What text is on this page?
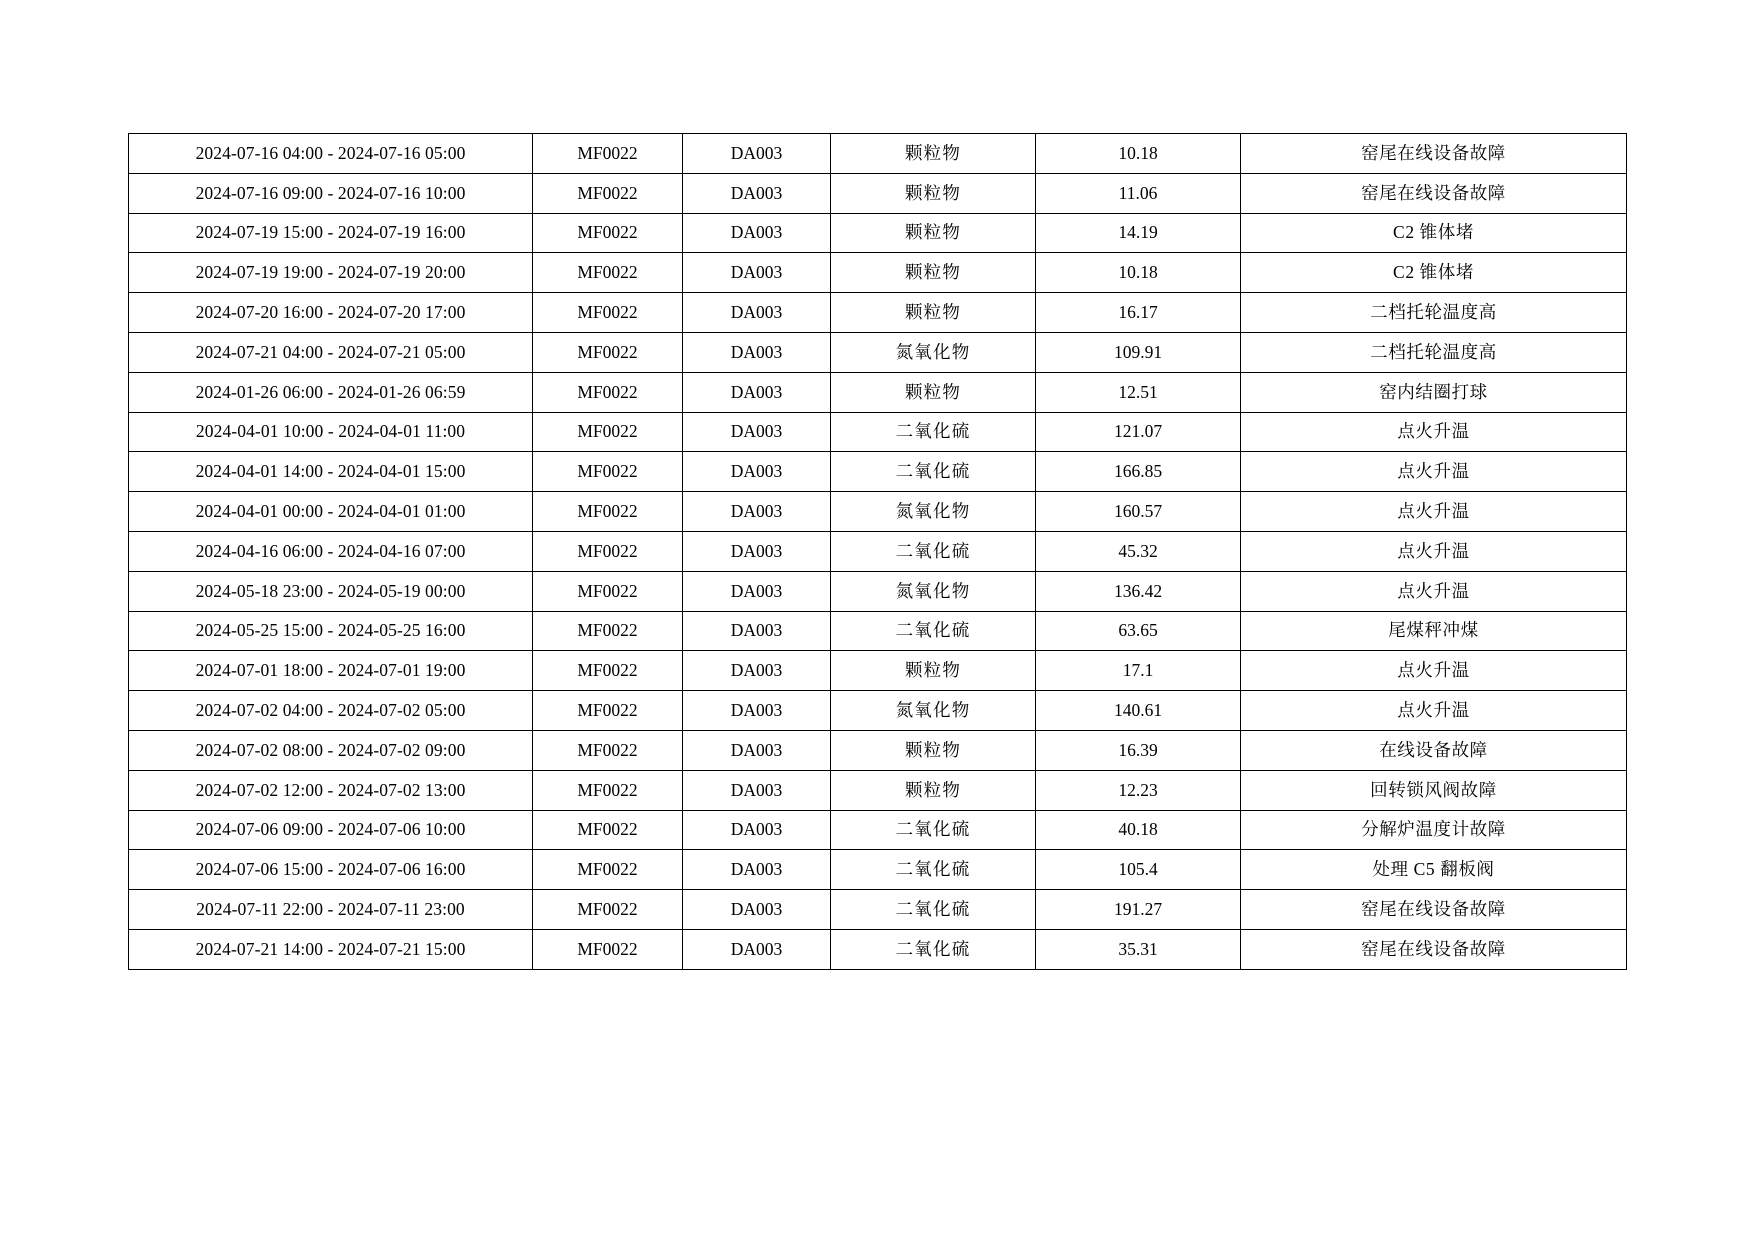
2024-07-16 04:00 - 2024-07-16 05:00	MF0022	DA003	颗粒物	10.18	窑尾在线设备故障
2024-07-16 09:00 - 2024-07-16 10:00	MF0022	DA003	颗粒物	11.06	窑尾在线设备故障
2024-07-19 15:00 - 2024-07-19 16:00	MF0022	DA003	颗粒物	14.19	C2 锥体堵
2024-07-19 19:00 - 2024-07-19 20:00	MF0022	DA003	颗粒物	10.18	C2 锥体堵
2024-07-20 16:00 - 2024-07-20 17:00	MF0022	DA003	颗粒物	16.17	二档托轮温度高
2024-07-21 04:00 - 2024-07-21 05:00	MF0022	DA003	氮氧化物	109.91	二档托轮温度高
2024-01-26 06:00 - 2024-01-26 06:59	MF0022	DA003	颗粒物	12.51	窑内结圈打球
2024-04-01 10:00 - 2024-04-01 11:00	MF0022	DA003	二氧化硫	121.07	点火升温
2024-04-01 14:00 - 2024-04-01 15:00	MF0022	DA003	二氧化硫	166.85	点火升温
2024-04-01 00:00 - 2024-04-01 01:00	MF0022	DA003	氮氧化物	160.57	点火升温
2024-04-16 06:00 - 2024-04-16 07:00	MF0022	DA003	二氧化硫	45.32	点火升温
2024-05-18 23:00 - 2024-05-19 00:00	MF0022	DA003	氮氧化物	136.42	点火升温
2024-05-25 15:00 - 2024-05-25 16:00	MF0022	DA003	二氧化硫	63.65	尾煤秤冲煤
2024-07-01 18:00 - 2024-07-01 19:00	MF0022	DA003	颗粒物	17.1	点火升温
2024-07-02 04:00 - 2024-07-02 05:00	MF0022	DA003	氮氧化物	140.61	点火升温
2024-07-02 08:00 - 2024-07-02 09:00	MF0022	DA003	颗粒物	16.39	在线设备故障
2024-07-02 12:00 - 2024-07-02 13:00	MF0022	DA003	颗粒物	12.23	回转锁风阀故障
2024-07-06 09:00 - 2024-07-06 10:00	MF0022	DA003	二氧化硫	40.18	分解炉温度计故障
2024-07-06 15:00 - 2024-07-06 16:00	MF0022	DA003	二氧化硫	105.4	处理 C5 翻板阀
2024-07-11 22:00 - 2024-07-11 23:00	MF0022	DA003	二氧化硫	191.27	窑尾在线设备故障
2024-07-21 14:00 - 2024-07-21 15:00	MF0022	DA003	二氧化硫	35.31	窑尾在线设备故障
